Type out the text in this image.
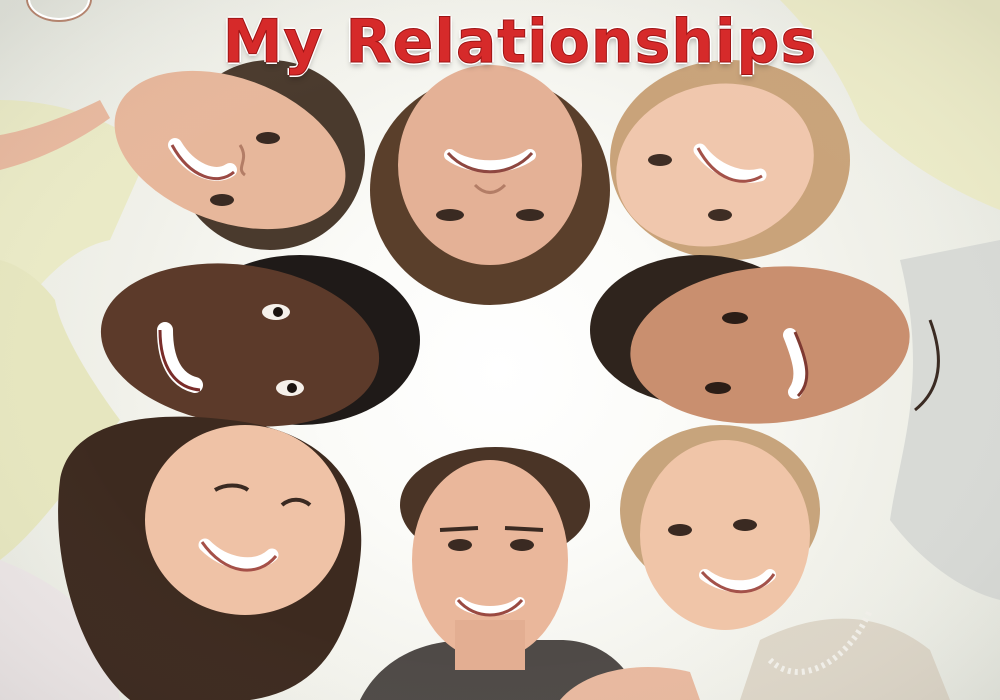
My Relationships
